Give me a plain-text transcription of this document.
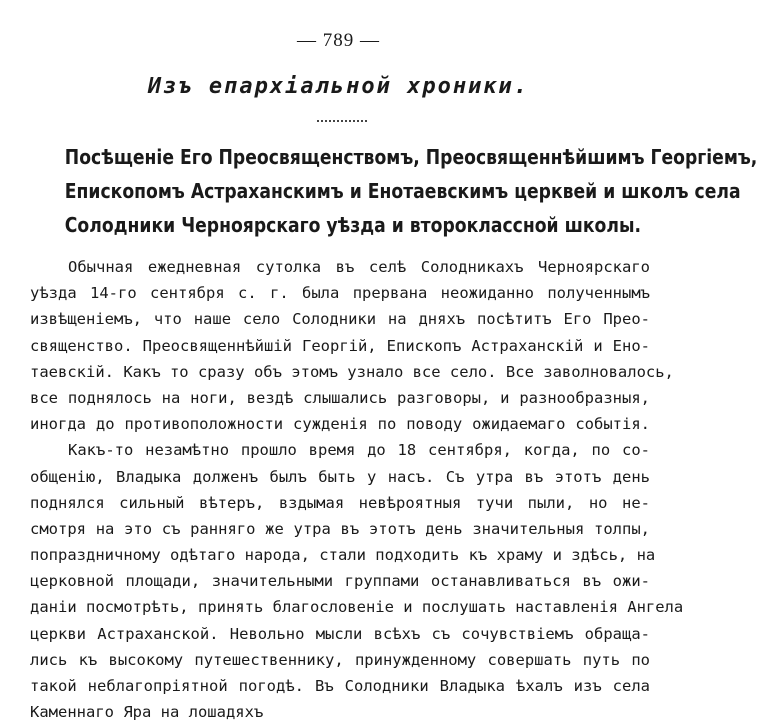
— 789 —
Изъ епархіальной хроники.
Посѣщеніе Его Преосвященствомъ, Преосвященнѣйшимъ Георгіемъ,
Епископомъ Астраханскимъ и Енотаевскимъ церквей и школъ села
Солодники Черноярскаго уѣзда и второклассной школы.
Обычная ежедневная сутолка въ селѣ Солодникахъ Черноярскаго
уѣзда 14-го сентября с. г. была прервана неожиданно полученнымъ
извѣщеніемъ, что наше село Солодники на дняхъ посѣтитъ Его Прео-
священство. Преосвященнѣйшій Георгій, Епископъ Астраханскій и Ено-
таевскій. Какъ то сразу объ этомъ узнало все село. Все заволновалось,
все поднялось на ноги, вездѣ слышались разговоры, и разнообразныя,
иногда до противоположности сужденія по поводу ожидаемаго событія.
Какъ-то незамѣтно прошло время до 18 сентября, когда, по со-
общенію, Владыка долженъ былъ быть у насъ. Съ утра въ этотъ день
поднялся сильный вѣтеръ, вздымая невѣроятныя тучи пыли, но не-
смотря на это съ ранняго же утра въ этотъ день значительныя толпы,
попраздничному одѣтаго народа, стали подходить къ храму и здѣсь, на
церковной площади, значительными группами останавливаться въ ожи-
даніи посмотрѣть, принять благословеніе и послушать наставленія Ангела
церкви Астраханской. Невольно мысли всѣхъ съ сочувствіемъ обраща-
лись къ высокому путешественнику, принужденному совершать путь по
такой неблагопріятной погодѣ. Въ Солодники Владыка ѣхалъ изъ села
Каменнаго Яра на лошадяхъ
